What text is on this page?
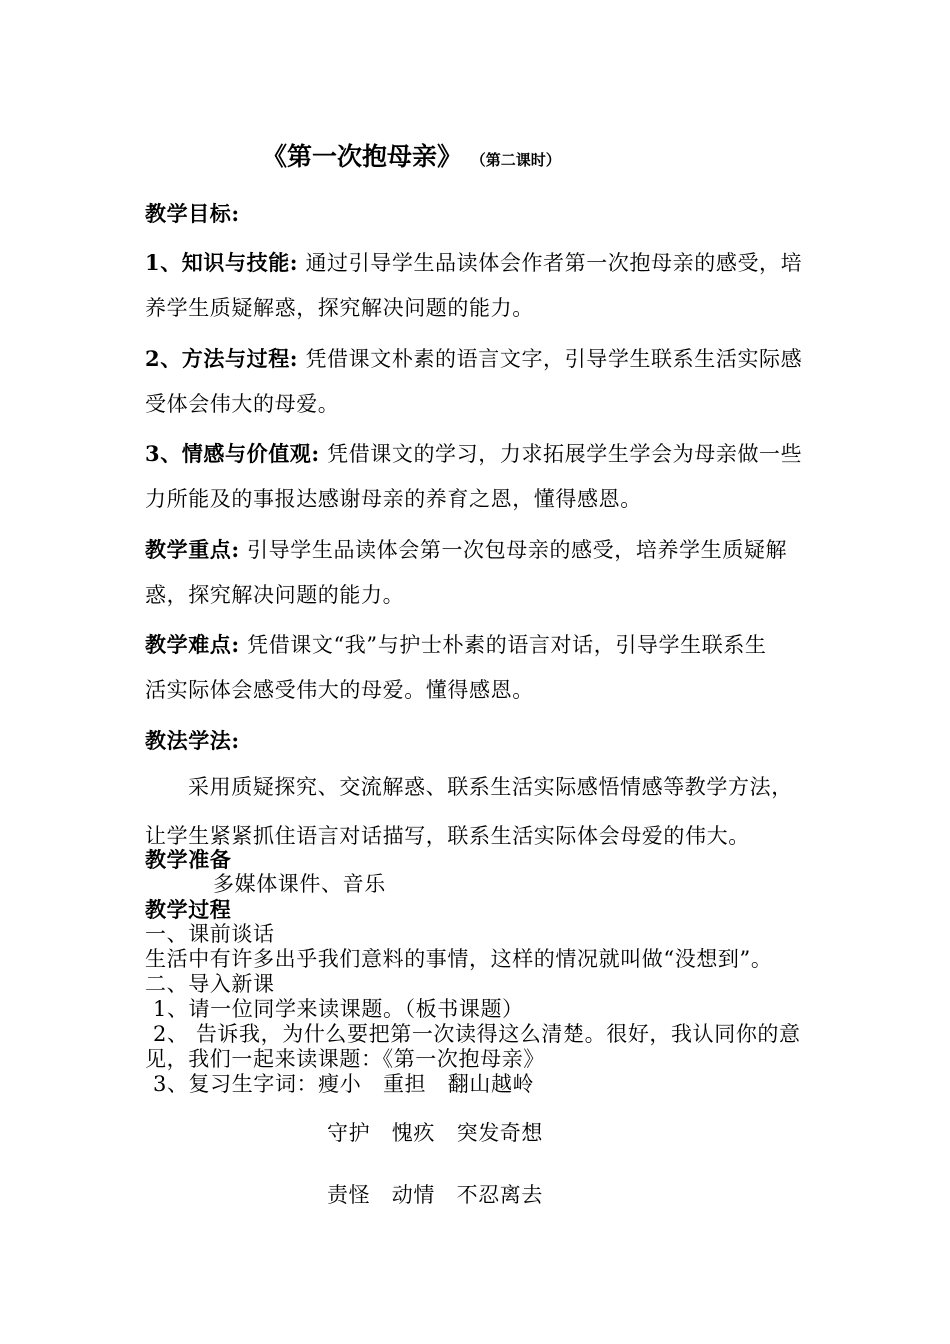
《第一次抱母亲》 （第二课时）
教学目标:
1、知识与技能: 通过引导学生品读体会作者第一次抱母亲的感受，培
养学生质疑解惑，探究解决问题的能力。
2、方法与过程: 凭借课文朴素的语言文字，引导学生联系生活实际感
受体会伟大的母爱。
3、情感与价值观: 凭借课文的学习，力求拓展学生学会为母亲做一些
力所能及的事报达感谢母亲的养育之恩，懂得感恩。
教学重点: 引导学生品读体会第一次包母亲的感受，培养学生质疑解
惑，探究解决问题的能力。
教学难点: 凭借课文“我”与护士朴素的语言对话，引导学生联系生
活实际体会感受伟大的母爱。懂得感恩。
教法学法:
采用质疑探究、交流解惑、联系生活实际感悟情感等教学方法，
让学生紧紧抓住语言对话描写，联系生活实际体会母爱的伟大。
教学准备
多媒体课件、音乐
教学过程
一、课前谈话
生活中有许多出乎我们意料的事情，这样的情况就叫做“没想到”。
二、导入新课
1、请一位同学来读课题。（板书课题）
2、 告诉我，为什么要把第一次读得这么清楚。很好，我认同你的意
见，我们一起来读课题：《第一次抱母亲》
3、复习生字词：瘦小　重担　翻山越岭
守护　愧疚　突发奇想
责怪　动情　不忍离去
